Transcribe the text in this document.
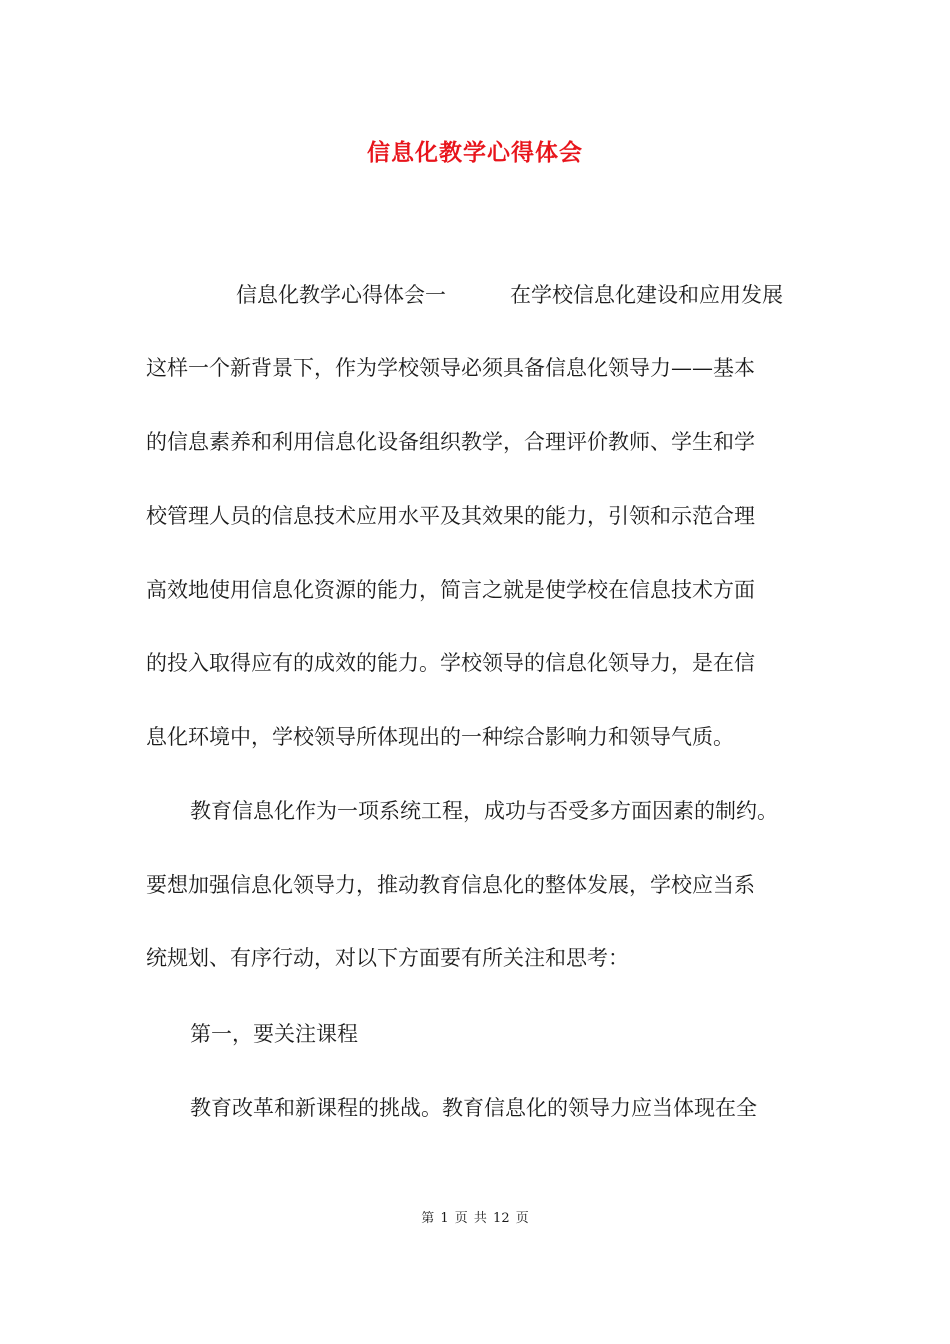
信息化教学心得体会
信息化教学心得体会一	在学校信息化建设和应用发展
这样一个新背景下，作为学校领导必须具备信息化领导力——基本
的信息素养和利用信息化设备组织教学，合理评价教师、学生和学
校管理人员的信息技术应用水平及其效果的能力，引领和示范合理
高效地使用信息化资源的能力，简言之就是使学校在信息技术方面
的投入取得应有的成效的能力。学校领导的信息化领导力，是在信
息化环境中，学校领导所体现出的一种综合影响力和领导气质。
教育信息化作为一项系统工程，成功与否受多方面因素的制约。
要想加强信息化领导力，推动教育信息化的整体发展，学校应当系
统规划、有序行动，对以下方面要有所关注和思考：
第一，要关注课程
教育改革和新课程的挑战。教育信息化的领导力应当体现在全
第 1 页 共 12 页
